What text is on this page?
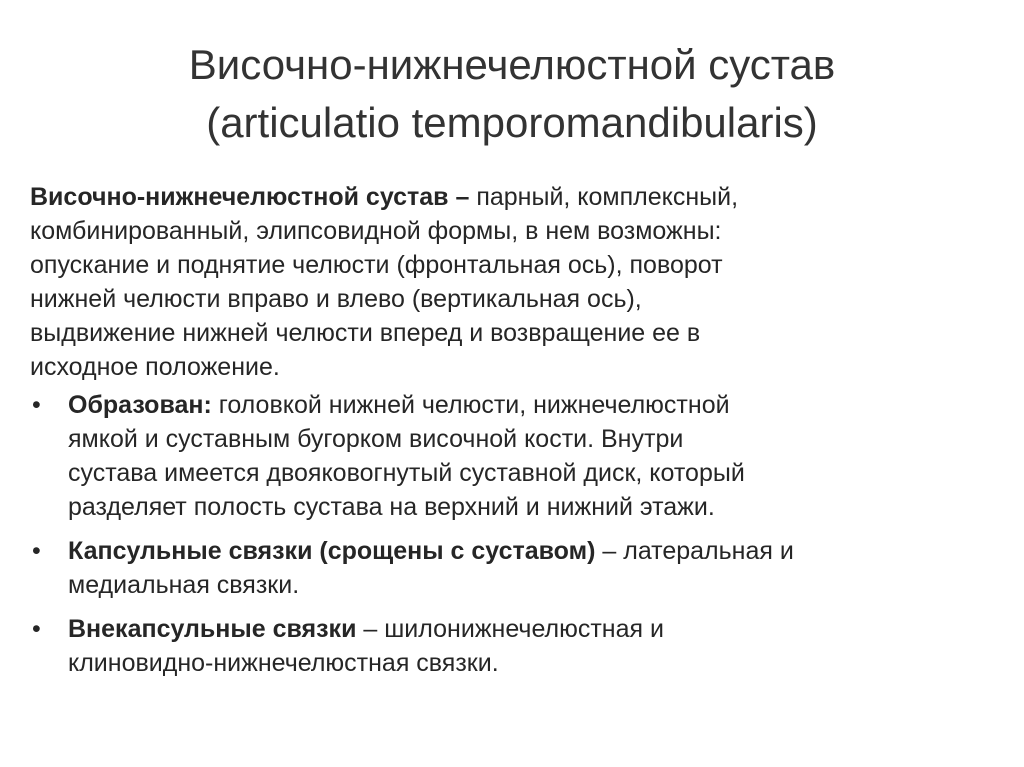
Височно-нижнечелюстной сустав
(articulatio temporomandibularis)

Височно-нижнечелюстной сустав – парный, комплексный,
комбинированный, элипсовидной формы, в нем возможны:
опускание и поднятие челюсти (фронтальная ось), поворот
нижней челюсти вправо и влево (вертикальная ось),
выдвижение нижней челюсти вперед и возвращение ее в
исходное положение.

• Образован: головкой нижней челюсти, нижнечелюстной
ямкой и суставным бугорком височной кости. Внутри
сустава имеется двояковогнутый суставной диск, который
разделяет полость сустава на верхний и нижний этажи.
• Капсульные связки (срощены с суставом) – латеральная и
медиальная связки.
• Внекапсульные связки – шилонижнечелюстная и
клиновидно-нижнечелюстная связки.
